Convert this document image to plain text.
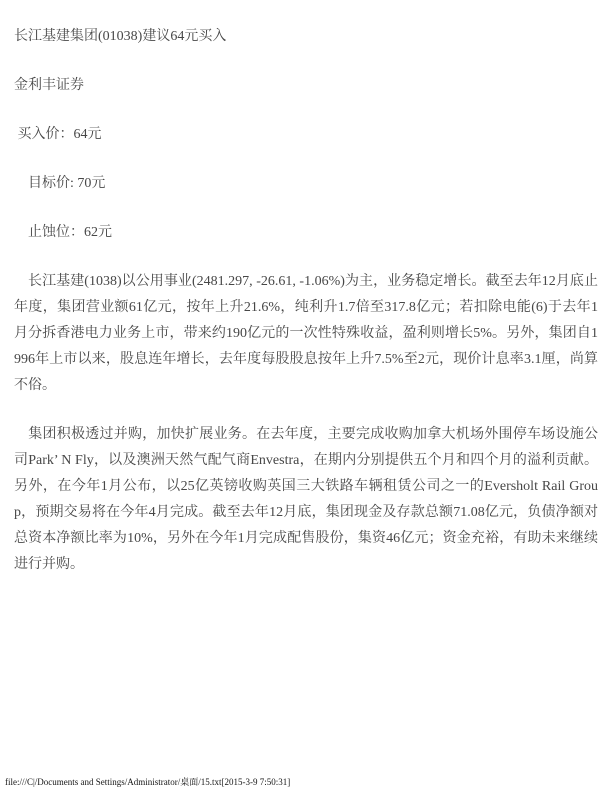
长江基建集团(01038)建议64元买入

金利丰证券

买入价：64元

　目标价: 70元

　止蚀位：62元

　长江基建(1038)以公用事业(2481.297, -26.61, -1.06%)为主，业务稳定增长。截至去年12月底止年度，集团营业额61亿元，按年上升21.6%，纯利升1.7倍至317.8亿元；若扣除电能(6)于去年1月分拆香港电力业务上市，带来约190亿元的一次性特殊收益，盈利则增长5%。另外，集团自1996年上市以来，股息连年增长，去年度每股股息按年上升7.5%至2元，现价计息率3.1厘，尚算不俗。

　集团积极透过并购，加快扩展业务。在去年度，主要完成收购加拿大机场外围停车场设施公司Park’ N Fly，以及澳洲天然气配气商Envestra，在期内分别提供五个月和四个月的溢利贡献。另外，在今年1月公布，以25亿英镑收购英国三大铁路车辆租赁公司之一的Eversholt Rail Group，预期交易将在今年4月完成。截至去年12月底，集团现金及存款总额71.08亿元，负债净额对总资本净额比率为10%，另外在今年1月完成配售股份，集资46亿元；资金充裕，有助未来继续进行并购。

file:///C|/Documents and Settings/Administrator/桌面/15.txt[2015-3-9 7:50:31]
